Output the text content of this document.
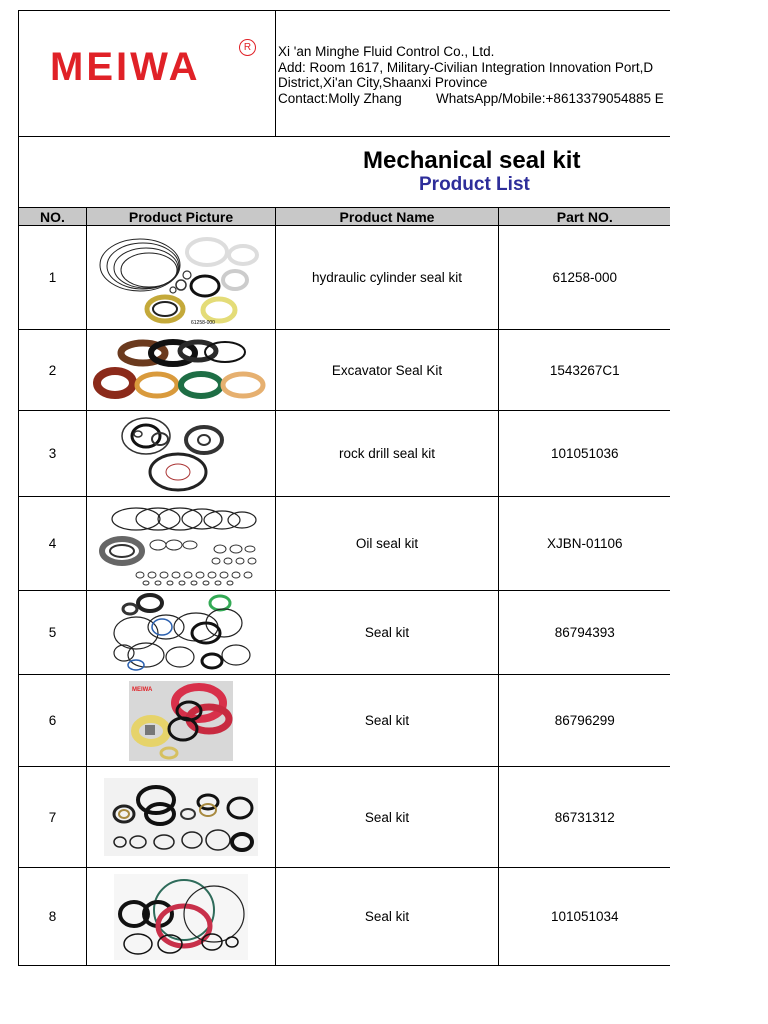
MEIWA	R	Xi 'an Minghe Fluid Control Co., Ltd.
Add: Room 1617, Military-Civilian Integration Innovation Port,D
District,Xi'an City,Shaanxi Province
Contact:Molly Zhang	WhatsApp/Mobile:+8613379054885 E
Mechanical seal kit
Product List
NO.	Product Picture	Product Name	Part NO.
1	61258-000	hydraulic cylinder seal kit	61258-000
2		Excavator Seal Kit	1543267C1
3		rock drill seal kit	101051036
4		Oil seal kit	XJBN-01106
5		Seal kit	86794393
6	MEIWA	Seal kit	86796299
7		Seal kit	86731312
8		Seal kit	101051034
